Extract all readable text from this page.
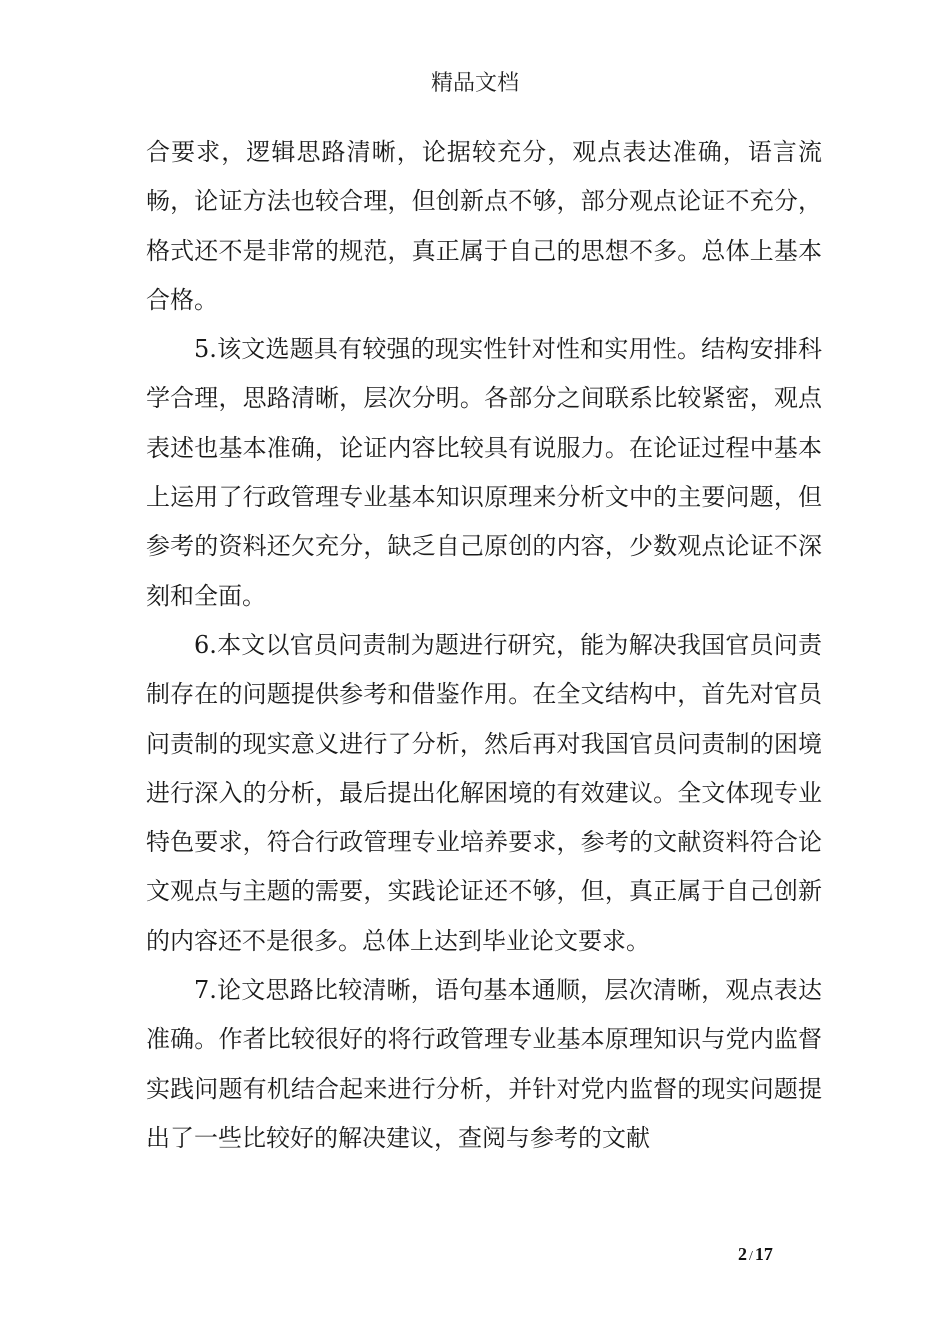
精品文档

合要求，逻辑思路清晰，论据较充分，观点表达准确，语言流畅，论证方法也较合理，但创新点不够，部分观点论证不充分，格式还不是非常的规范，真正属于自己的思想不多。总体上基本合格。

5.该文选题具有较强的现实性针对性和实用性。结构安排科学合理，思路清晰，层次分明。各部分之间联系比较紧密，观点表述也基本准确，论证内容比较具有说服力。在论证过程中基本上运用了行政管理专业基本知识原理来分析文中的主要问题，但参考的资料还欠充分，缺乏自己原创的内容，少数观点论证不深刻和全面。

6.本文以官员问责制为题进行研究，能为解决我国官员问责制存在的问题提供参考和借鉴作用。在全文结构中，首先对官员问责制的现实意义进行了分析，然后再对我国官员问责制的困境进行深入的分析，最后提出化解困境的有效建议。全文体现专业特色要求，符合行政管理专业培养要求，参考的文献资料符合论文观点与主题的需要，实践论证还不够，但，真正属于自己创新的内容还不是很多。总体上达到毕业论文要求。

7.论文思路比较清晰，语句基本通顺，层次清晰，观点表达准确。作者比较很好的将行政管理专业基本原理知识与党内监督实践问题有机结合起来进行分析，并针对党内监督的现实问题提出了一些比较好的解决建议，查阅与参考的文献

2 / 17
